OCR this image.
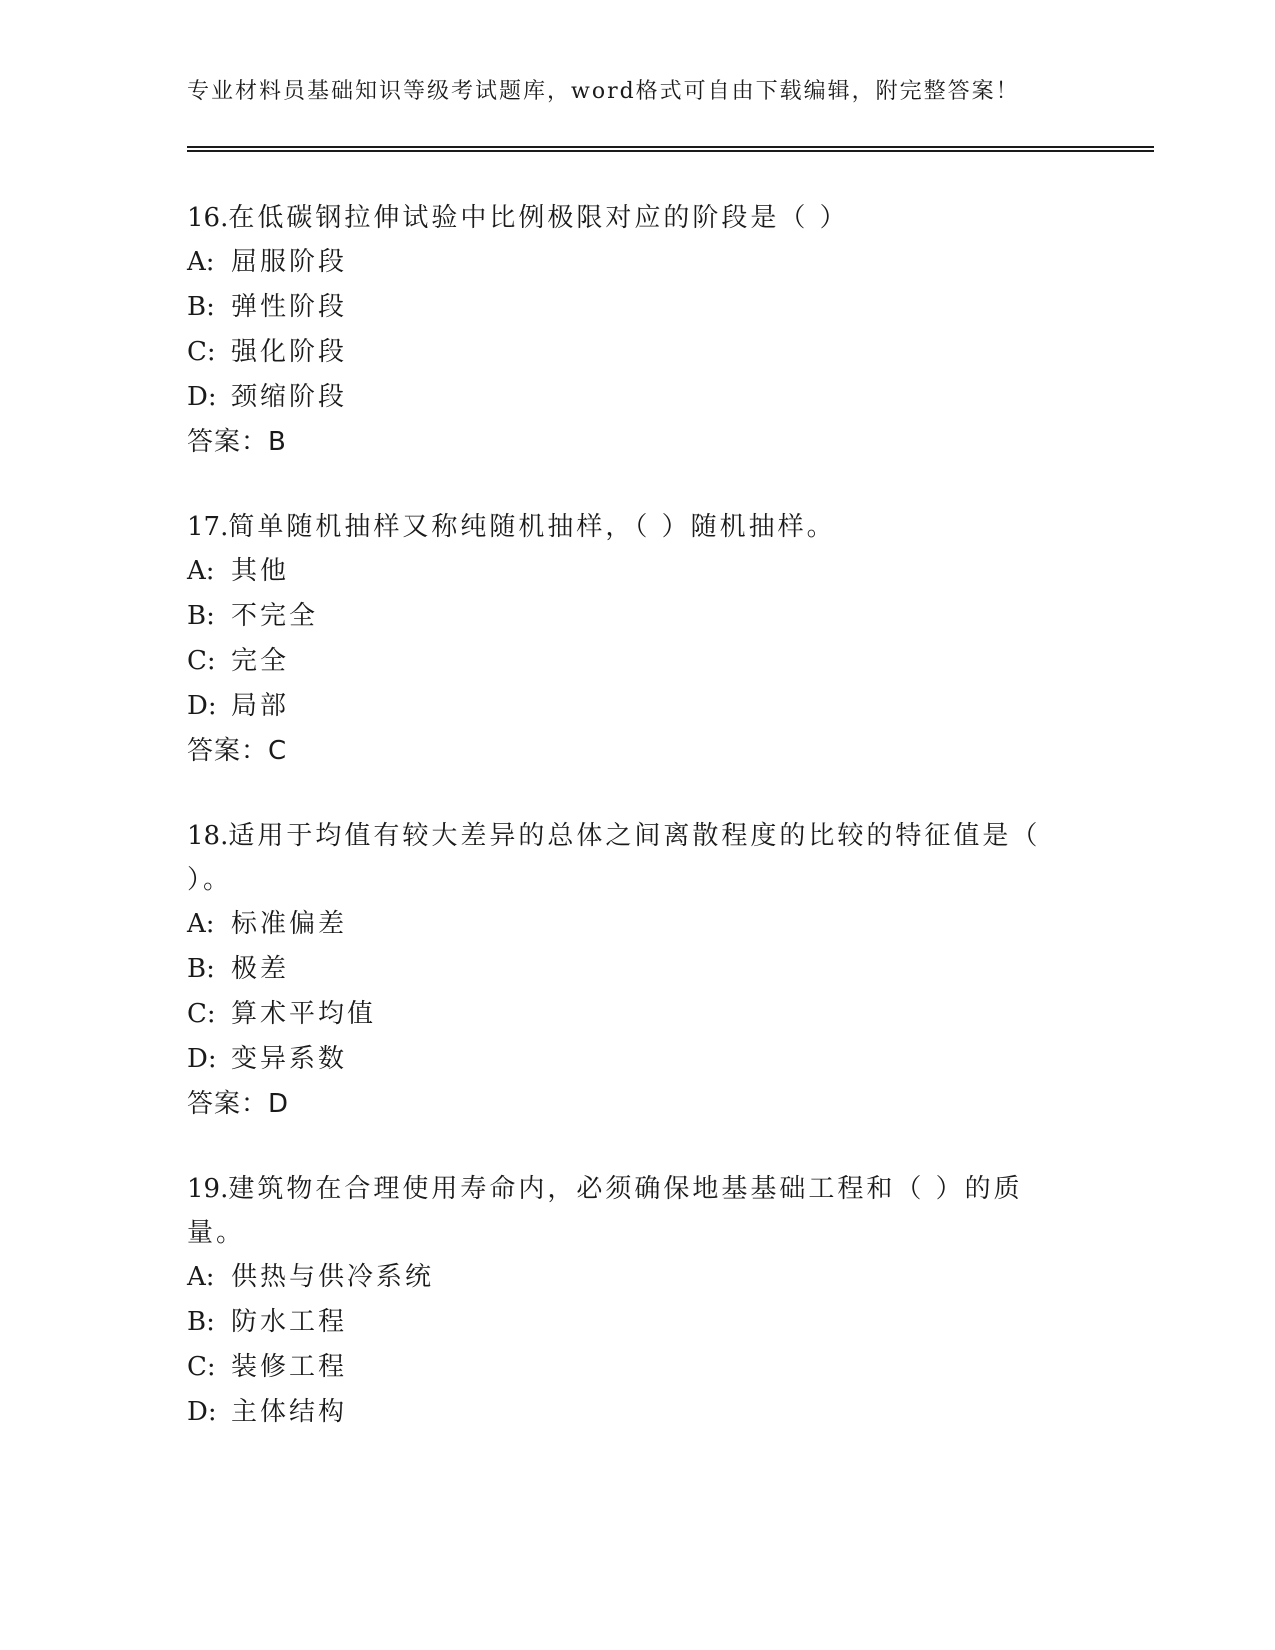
专业材料员基础知识等级考试题库，word格式可自由下载编辑，附完整答案！
16.在低碳钢拉伸试验中比例极限对应的阶段是（ ）
A: 屈服阶段
B: 弹性阶段
C: 强化阶段
D: 颈缩阶段
答案：B
17.简单随机抽样又称纯随机抽样，（ ）随机抽样。
A: 其他
B: 不完全
C: 完全
D: 局部
答案：C
18.适用于均值有较大差异的总体之间离散程度的比较的特征值是（ ）。
A: 标准偏差
B: 极差
C: 算术平均值
D: 变异系数
答案：D
19.建筑物在合理使用寿命内，必须确保地基基础工程和（ ）的质量。
A: 供热与供冷系统
B: 防水工程
C: 装修工程
D: 主体结构
